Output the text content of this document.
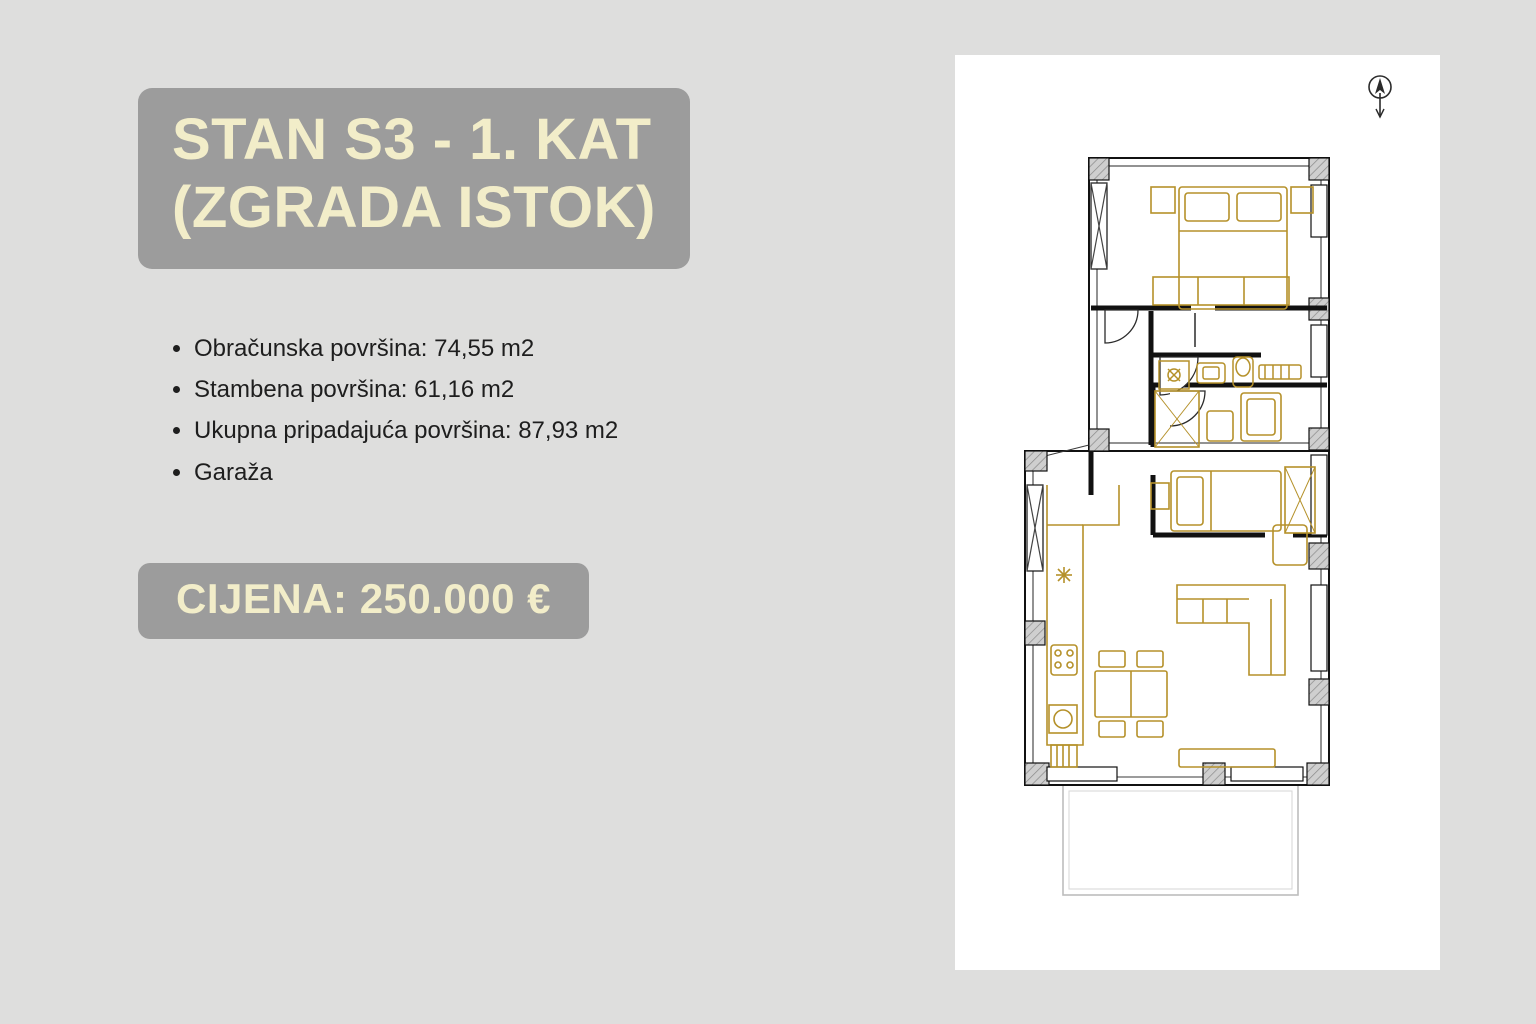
STAN S3 - 1. KAT
(ZGRADA ISTOK)
• Obračunska površina: 74,55 m2
• Stambena površina: 61,16 m2
• Ukupna pripadajuća površina: 87,93 m2
• Garaža
CIJENA: 250.000 €
